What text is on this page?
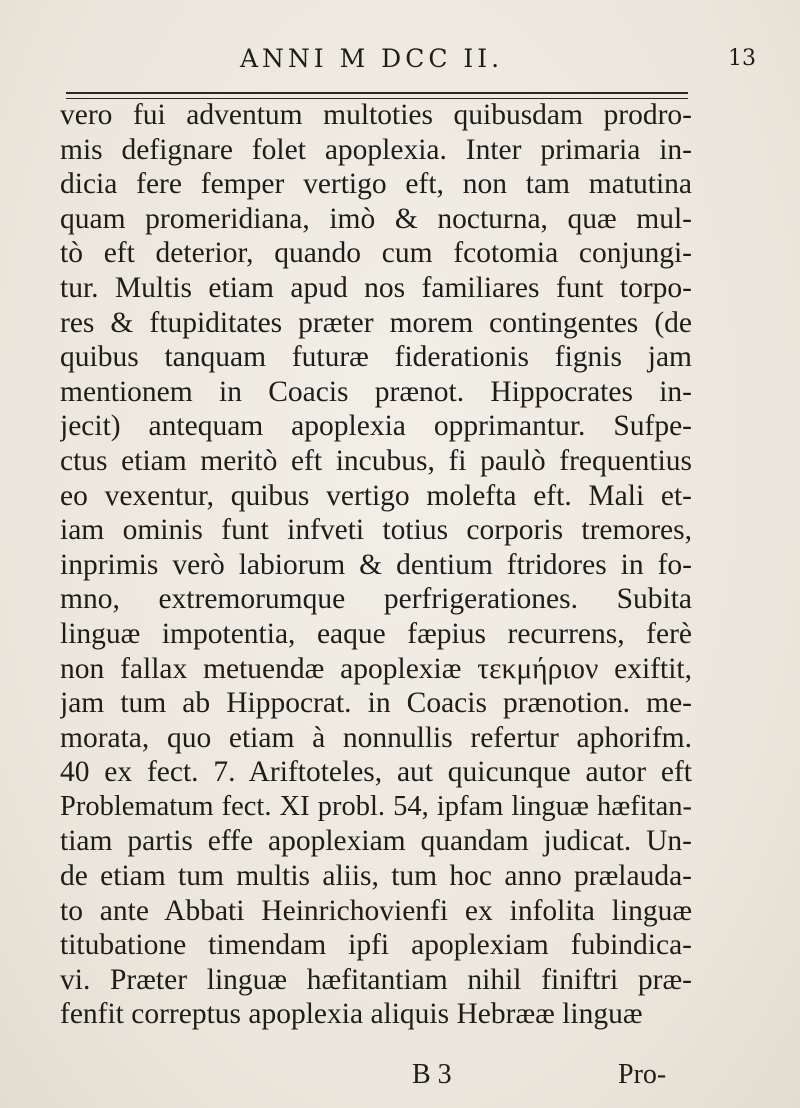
ANNI M DCC II.	13
vero fui adventum multoties quibusdam prodro-
mis defignare folet apoplexia. Inter primaria in-
dicia fere femper vertigo eft, non tam matutina
quam promeridiana, imò & nocturna, quæ mul-
tò eft deterior, quando cum fcotomia conjungi-
tur. Multis etiam apud nos familiares funt torpo-
res & ftupiditates præter morem contingentes (de
quibus tanquam futuræ fiderationis fignis jam
mentionem in Coacis prænot. Hippocrates in-
jecit) antequam apoplexia opprimantur. Sufpe-
ctus etiam meritò eft incubus, fi paulò frequentius
eo vexentur, quibus vertigo molefta eft. Mali et-
iam ominis funt infveti totius corporis tremores,
inprimis verò labiorum & dentium ftridores in fo-
mno, extremorumque perfrigerationes. Subita
linguæ impotentia, eaque fæpius recurrens, ferè
non fallax metuendæ apoplexiæ τεκμήριον exiftit,
jam tum ab Hippocrat. in Coacis prænotion. me-
morata, quo etiam à nonnullis refertur aphorifm.
40 ex fect. 7. Ariftoteles, aut quicunque autor eft
Problematum fect. XI probl. 54, ipfam linguæ hæfitan-
tiam partis effe apoplexiam quandam judicat. Un-
de etiam tum multis aliis, tum hoc anno prælauda-
to ante Abbati Heinrichovienfi ex infolita linguæ
titubatione timendam ipfi apoplexiam fubindica-
vi. Præter linguæ hæfitantiam nihil finiftri præ-
fenfit correptus apoplexia aliquis Hebrææ linguæ
B 3	Pro-
